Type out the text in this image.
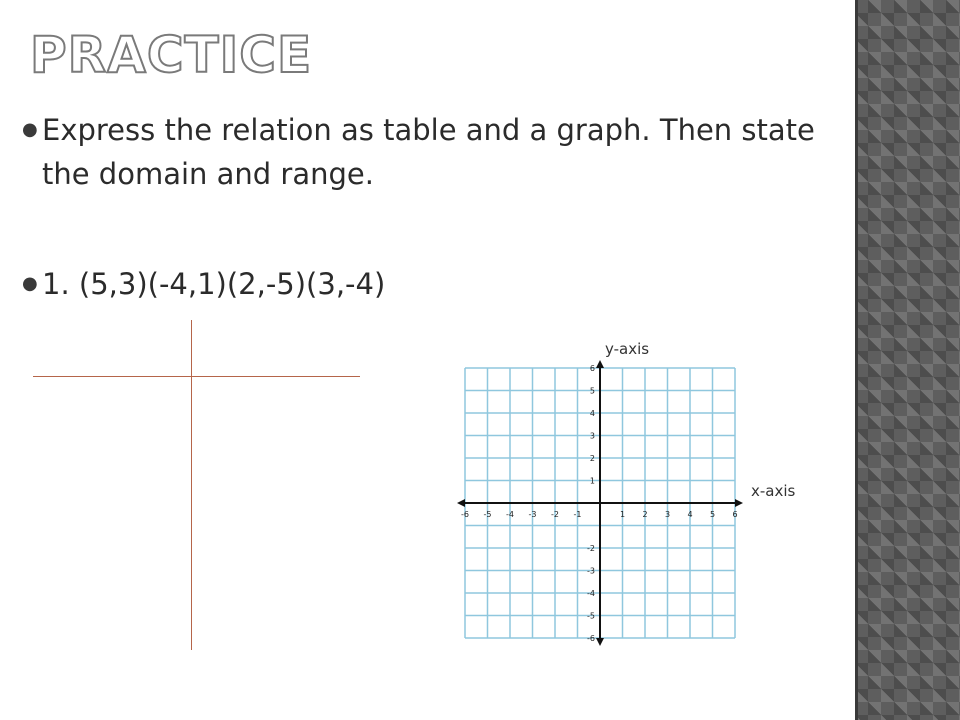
PRACTICE
● Express the relation as table and a graph. Then state the domain and range.
● 1. (5,3)(-4,1)(2,-5)(3,-4)
-6 -5 -4 -3 -2 -1	1 2 3 4 5 6
6
5
4
3
2
1
-2
-3
-4
-5
-6
y-axis
x-axis
